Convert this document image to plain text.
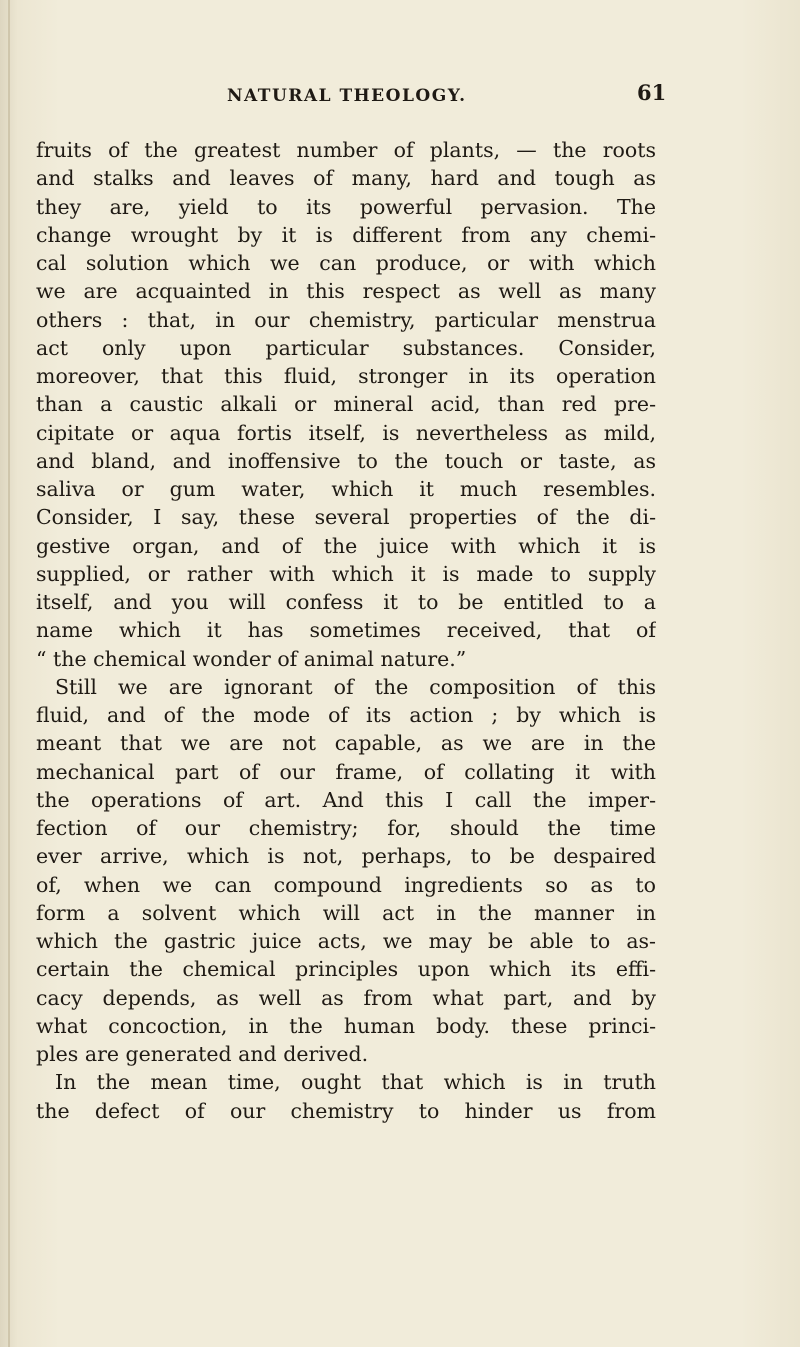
NATURAL THEOLOGY.	61
fruits of the greatest number of plants, — the roots
and stalks and leaves of many, hard and tough as
they are, yield to its powerful pervasion. The
change wrought by it is different from any chemi-
cal solution which we can produce, or with which
we are acquainted in this respect as well as many
others : that, in our chemistry, particular menstrua
act only upon particular substances. Consider,
moreover, that this fluid, stronger in its operation
than a caustic alkali or mineral acid, than red pre-
cipitate or aqua fortis itself, is nevertheless as mild,
and bland, and inoffensive to the touch or taste, as
saliva or gum water, which it much resembles.
Consider, I say, these several properties of the di-
gestive organ, and of the juice with which it is
supplied, or rather with which it is made to supply
itself, and you will confess it to be entitled to a
name which it has sometimes received, that of
“ the chemical wonder of animal nature.”
Still we are ignorant of the composition of this
fluid, and of the mode of its action ; by which is
meant that we are not capable, as we are in the
mechanical part of our frame, of collating it with
the operations of art. And this I call the imper-
fection of our chemistry; for, should the time
ever arrive, which is not, perhaps, to be despaired
of, when we can compound ingredients so as to
form a solvent which will act in the manner in
which the gastric juice acts, we may be able to as-
certain the chemical principles upon which its effi-
cacy depends, as well as from what part, and by
what concoction, in the human body. these princi-
ples are generated and derived.
In the mean time, ought that which is in truth
the defect of our chemistry to hinder us from
